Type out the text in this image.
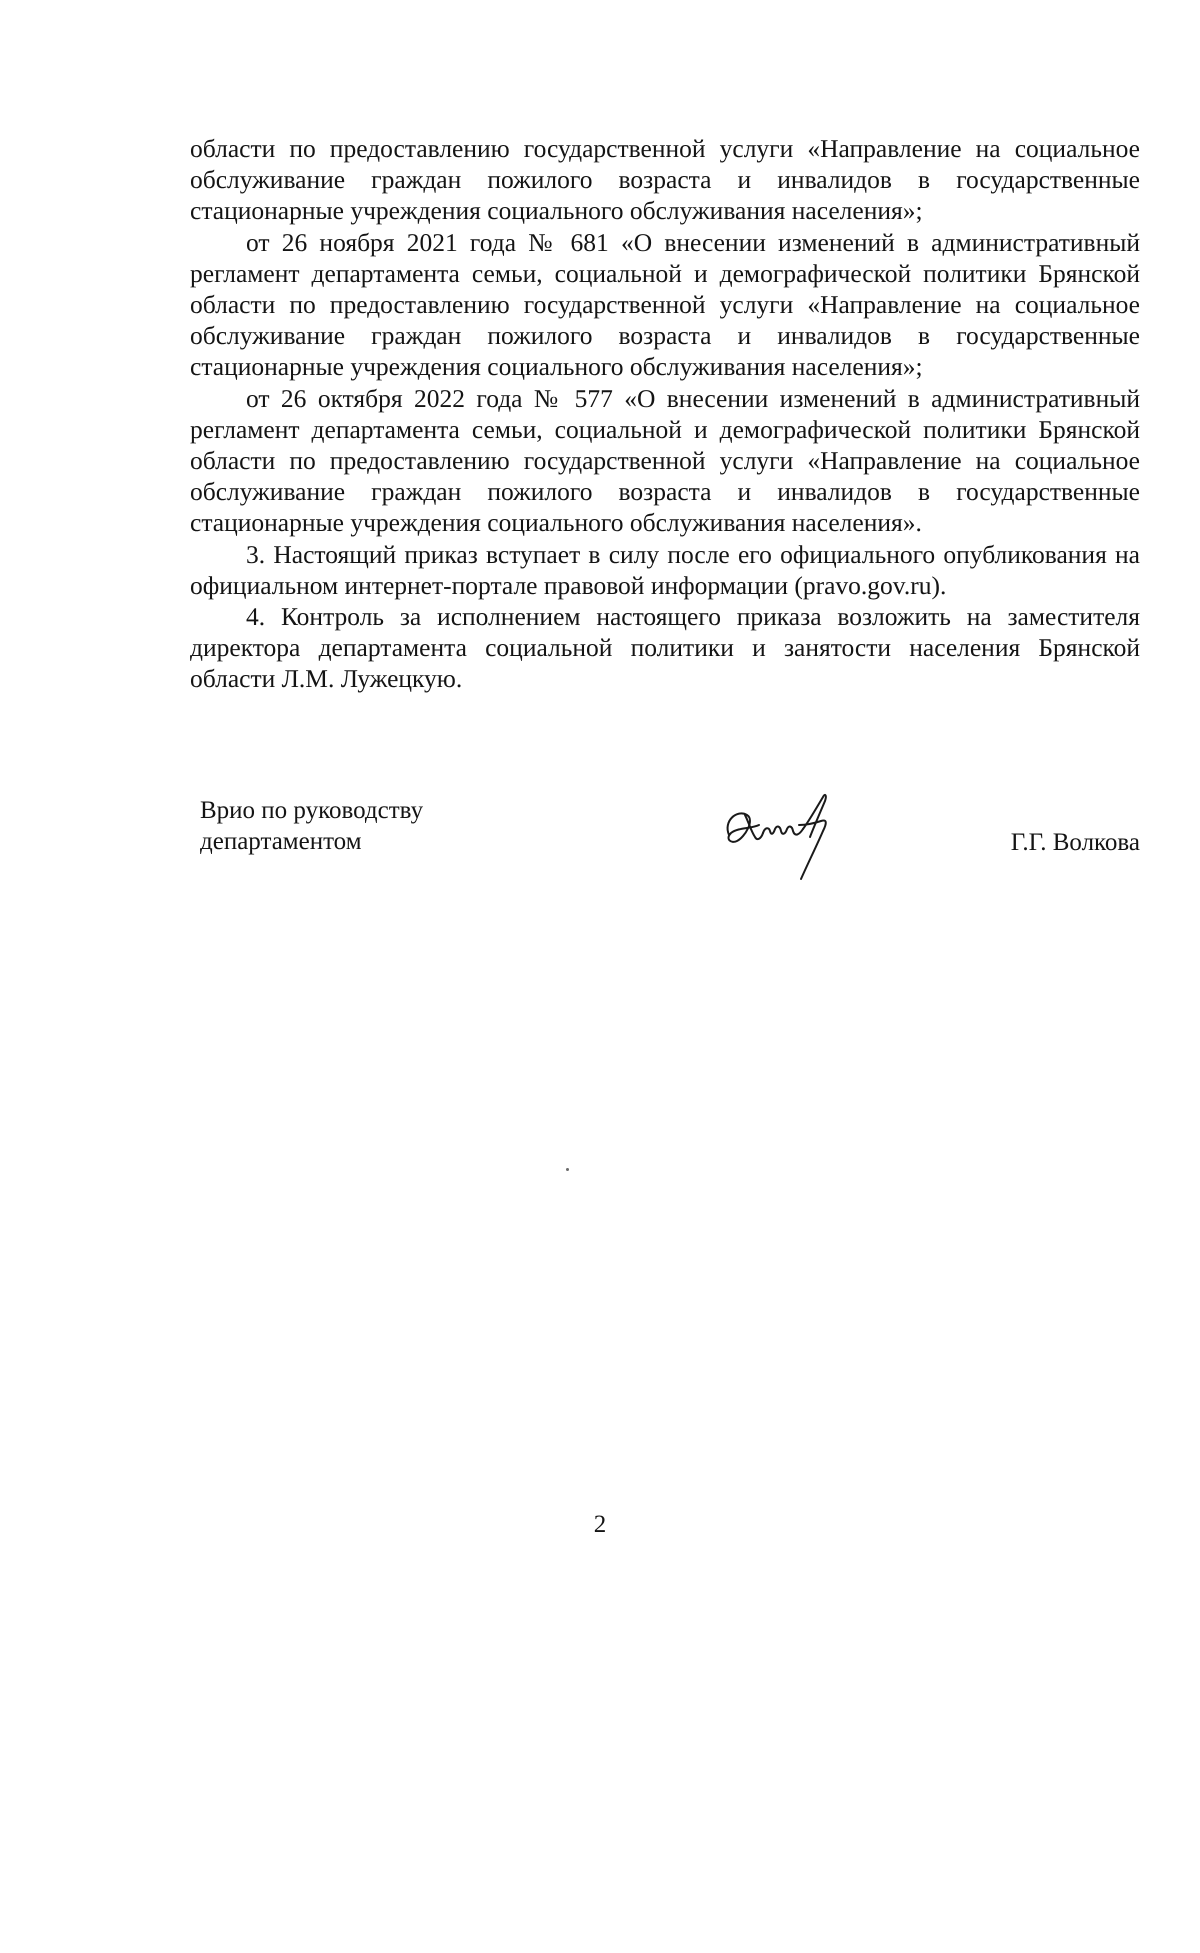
области по предоставлению государственной услуги «Направление на социальное обслуживание граждан пожилого возраста и инвалидов в государственные стационарные учреждения социального обслуживания населения»;

от 26 ноября 2021 года № 681 «О внесении изменений в административный регламент департамента семьи, социальной и демографической политики Брянской области по предоставлению государственной услуги «Направление на социальное обслуживание граждан пожилого возраста и инвалидов в государственные стационарные учреждения социального обслуживания населения»;

от 26 октября 2022 года № 577 «О внесении изменений в административный регламент департамента семьи, социальной и демографической политики Брянской области по предоставлению государственной услуги «Направление на социальное обслуживание граждан пожилого возраста и инвалидов в государственные стационарные учреждения социального обслуживания населения».

3. Настоящий приказ вступает в силу после его официального опубликования на официальном интернет-портале правовой информации (pravo.gov.ru).

4. Контроль за исполнением настоящего приказа возложить на заместителя директора департамента социальной политики и занятости населения Брянской области Л.М. Лужецкую.

Врио по руководству
департаментом	Г.Г. Волкова
2
